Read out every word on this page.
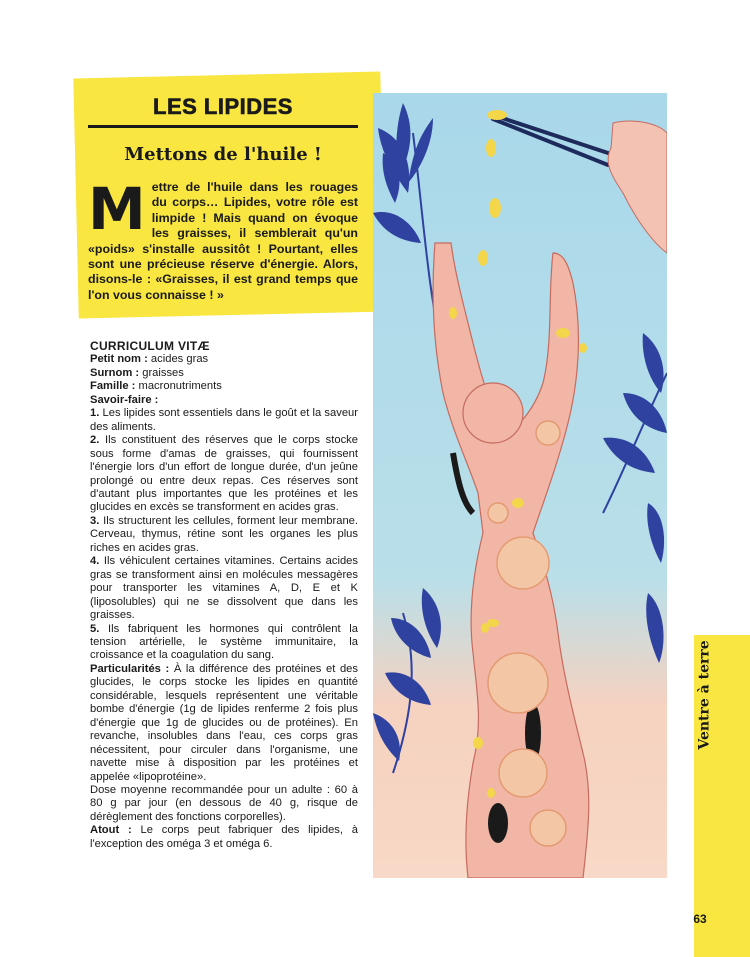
LES LIPIDES
Mettons de l'huile !
Mettre de l'huile dans les rouages du corps… Lipides, votre rôle est limpide ! Mais quand on évoque les graisses, il semblerait qu'un «poids» s'installe aussitôt ! Pourtant, elles sont une précieuse réserve d'énergie. Alors, disons-le : «Graisses, il est grand temps que l'on vous connaisse ! »

CURRICULUM VITÆ

Petit nom : acides gras

Surnom : graisses

Famille : macronutriments

Savoir-faire :

1. Les lipides sont essentiels dans le goût et la saveur des aliments.

2. Ils constituent des réserves que le corps stocke sous forme d'amas de graisses, qui fournissent l'énergie lors d'un effort de longue durée, d'un jeûne prolongé ou entre deux repas. Ces réserves sont d'autant plus importantes que les protéines et les glucides en excès se transforment en acides gras.

3. Ils structurent les cellules, forment leur membrane. Cerveau, thymus, rétine sont les organes les plus riches en acides gras.

4. Ils véhiculent certaines vitamines. Certains acides gras se transforment ainsi en molécules messagères pour transporter les vitamines A, D, E et K (liposolubles) qui ne se dissolvent que dans les graisses.

5. Ils fabriquent les hormones qui contrôlent la tension artérielle, le système immunitaire, la croissance et la coagulation du sang.

Particularités : À la différence des protéines et des glucides, le corps stocke les lipides en quantité considérable, lesquels représentent une véritable bombe d'énergie (1g de lipides renferme 2 fois plus d'énergie que 1g de glucides ou de protéines). En revanche, insolubles dans l'eau, ces corps gras nécessitent, pour circuler dans l'organisme, une navette mise à disposition par les protéines et appelée «lipoprotéine».

Dose moyenne recommandée pour un adulte : 60 à 80 g par jour (en dessous de 40 g, risque de dérèglement des fonctions corporelles).

Atout : Le corps peut fabriquer des lipides, à l'exception des oméga 3 et oméga 6.

Ventre à terre
63
